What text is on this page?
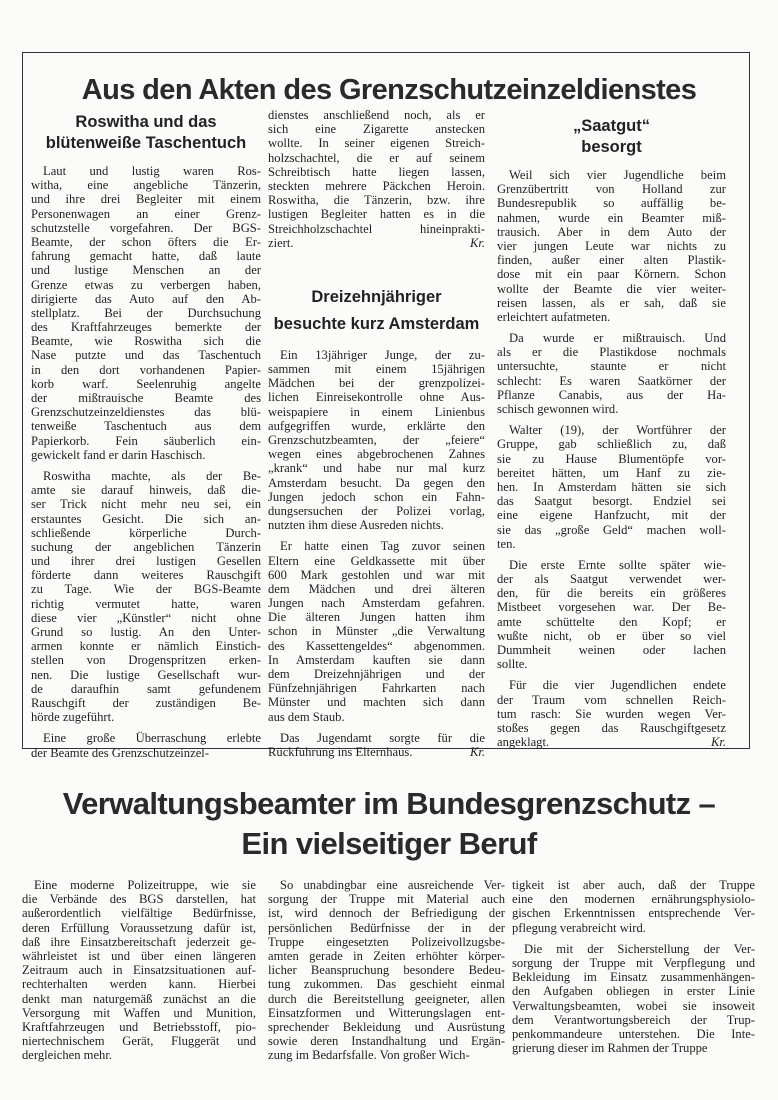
Aus den Akten des Grenzschutzeinzeldienstes
Roswitha und das
blütenweiße Taschentuch
Laut und lustig waren Ros-
witha, eine angebliche Tänzerin,
und ihre drei Begleiter mit einem
Personenwagen an einer Grenz-
schutzstelle vorgefahren. Der BGS-
Beamte, der schon öfters die Er-
fahrung gemacht hatte, daß laute
und lustige Menschen an der
Grenze etwas zu verbergen haben,
dirigierte das Auto auf den Ab-
stellplatz. Bei der Durchsuchung
des Kraftfahrzeuges bemerkte der
Beamte, wie Roswitha sich die
Nase putzte und das Taschentuch
in den dort vorhandenen Papier-
korb warf. Seelenruhig angelte
der mißtrauische Beamte des
Grenzschutzeinzeldienstes das blü-
tenweiße Taschentuch aus dem
Papierkorb. Fein säuberlich ein-
gewickelt fand er darin Haschisch.
Roswitha machte, als der Be-
amte sie darauf hinweis, daß die-
ser Trick nicht mehr neu sei, ein
erstauntes Gesicht. Die sich an-
schließende körperliche Durch-
suchung der angeblichen Tänzerin
und ihrer drei lustigen Gesellen
förderte dann weiteres Rauschgift
zu Tage. Wie der BGS-Beamte
richtig vermutet hatte, waren
diese vier „Künstler“ nicht ohne
Grund so lustig. An den Unter-
armen konnte er nämlich Einstich-
stellen von Drogenspritzen erken-
nen. Die lustige Gesellschaft wur-
de daraufhin samt gefundenem
Rauschgift der zuständigen Be-
hörde zugeführt.
Eine große Überraschung erlebte
der Beamte des Grenzschutzeinzel-
dienstes anschließend noch, als er
sich eine Zigarette anstecken
wollte. In seiner eigenen Streich-
holzschachtel, die er auf seinem
Schreibtisch hatte liegen lassen,
steckten mehrere Päckchen Heroin.
Roswitha, die Tänzerin, bzw. ihre
lustigen Begleiter hatten es in die
Streichholzschachtel hineinprakti-
ziert.	Kr.
Dreizehnjähriger
besuchte kurz Amsterdam
Ein 13jähriger Junge, der zu-
sammen mit einem 15jährigen
Mädchen bei der grenzpolizei-
lichen Einreisekontrolle ohne Aus-
weispapiere in einem Linienbus
aufgegriffen wurde, erklärte den
Grenzschutzbeamten, der „feiere“
wegen eines abgebrochenen Zahnes
„krank“ und habe nur mal kurz
Amsterdam besucht. Da gegen den
Jungen jedoch schon ein Fahn-
dungsersuchen der Polizei vorlag,
nutzten ihm diese Ausreden nichts.
Er hatte einen Tag zuvor seinen
Eltern eine Geldkassette mit über
600 Mark gestohlen und war mit
dem Mädchen und drei älteren
Jungen nach Amsterdam gefahren.
Die älteren Jungen hatten ihm
schon in Münster „die Verwaltung
des Kassettengeldes“ abgenommen.
In Amsterdam kauften sie dann
dem Dreizehnjährigen und der
Fünfzehnjährigen Fahrkarten nach
Münster und machten sich dann
aus dem Staub.
Das Jugendamt sorgte für die
Rückführung ins Elternhaus.	Kr.
„Saatgut“
besorgt
Weil sich vier Jugendliche beim
Grenzübertritt von Holland zur
Bundesrepublik so auffällig be-
nahmen, wurde ein Beamter miß-
trausich. Aber in dem Auto der
vier jungen Leute war nichts zu
finden, außer einer alten Plastik-
dose mit ein paar Körnern. Schon
wollte der Beamte die vier weiter-
reisen lassen, als er sah, daß sie
erleichtert aufatmeten.
Da wurde er mißtrauisch. Und
als er die Plastikdose nochmals
untersuchte, staunte er nicht
schlecht: Es waren Saatkörner der
Pflanze Canabis, aus der Ha-
schisch gewonnen wird.
Walter (19), der Wortführer der
Gruppe, gab schließlich zu, daß
sie zu Hause Blumentöpfe vor-
bereitet hätten, um Hanf zu zie-
hen. In Amsterdam hätten sie sich
das Saatgut besorgt. Endziel sei
eine eigene Hanfzucht, mit der
sie das „große Geld“ machen woll-
ten.
Die erste Ernte sollte später wie-
der als Saatgut verwendet wer-
den, für die bereits ein größeres
Mistbeet vorgesehen war. Der Be-
amte schüttelte den Kopf; er
wußte nicht, ob er über so viel
Dummheit weinen oder lachen
sollte.
Für die vier Jugendlichen endete
der Traum vom schnellen Reich-
tum rasch: Sie wurden wegen Ver-
stoßes gegen das Rauschgiftgesetz
angeklagt.	Kr.
Verwaltungsbeamter im Bundesgrenzschutz –
Ein vielseitiger Beruf
Eine moderne Polizeitruppe, wie sie
die Verbände des BGS darstellen, hat
außerordentlich vielfältige Bedürfnisse,
deren Erfüllung Voraussetzung dafür ist,
daß ihre Einsatzbereitschaft jederzeit ge-
währleistet ist und über einen längeren
Zeitraum auch in Einsatzsituationen auf-
rechterhalten werden kann. Hierbei
denkt man naturgemäß zunächst an die
Versorgung mit Waffen und Munition,
Kraftfahrzeugen und Betriebsstoff, pio-
niertechnischem Gerät, Fluggerät und
dergleichen mehr.
So unabdingbar eine ausreichende Ver-
sorgung der Truppe mit Material auch
ist, wird dennoch der Befriedigung der
persönlichen Bedürfnisse der in der
Truppe eingesetzten Polizeivollzugsbe-
amten gerade in Zeiten erhöhter körper-
licher Beanspruchung besondere Bedeu-
tung zukommen. Das geschieht einmal
durch die Bereitstellung geeigneter, allen
Einsatzformen und Witterungslagen ent-
sprechender Bekleidung und Ausrüstung
sowie deren Instandhaltung und Ergän-
zung im Bedarfsfalle. Von großer Wich-
tigkeit ist aber auch, daß der Truppe
eine den modernen ernährungsphysiolo-
gischen Erkenntnissen entsprechende Ver-
pflegung verabreicht wird.
Die mit der Sicherstellung der Ver-
sorgung der Truppe mit Verpflegung und
Bekleidung im Einsatz zusammenhängen-
den Aufgaben obliegen in erster Linie
Verwaltungsbeamten, wobei sie insoweit
dem Verantwortungsbereich der Trup-
penkommandeure unterstehen. Die Inte-
grierung dieser im Rahmen der Truppe
